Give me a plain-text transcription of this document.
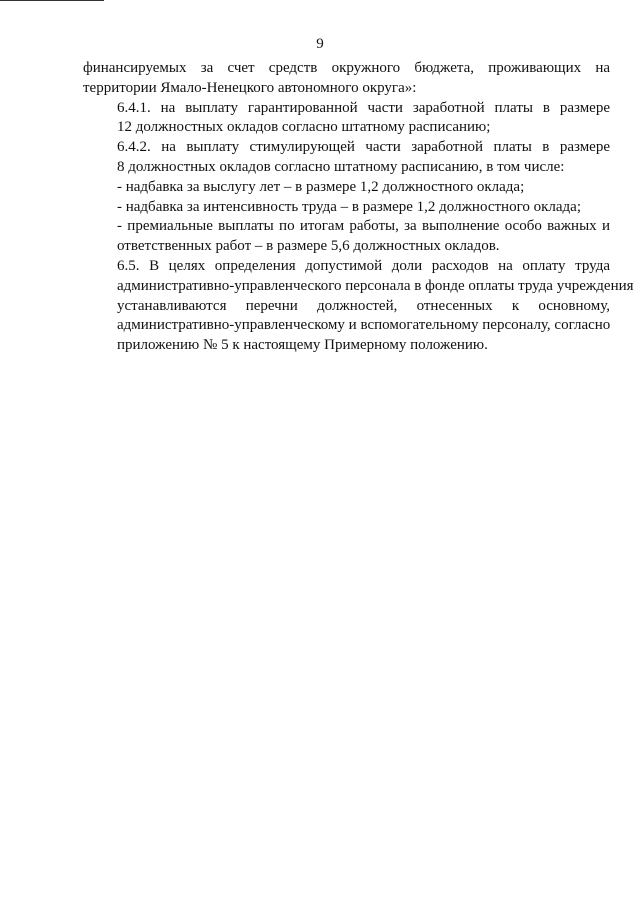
9

финансируемых за счет средств окружного бюджета, проживающих на
территории Ямало-Ненецкого автономного округа»:

6.4.1. на выплату гарантированной части заработной платы в размере
12 должностных окладов согласно штатному расписанию;

6.4.2. на выплату стимулирующей части заработной платы в размере
8 должностных окладов согласно штатному расписанию, в том числе:

- надбавка за выслугу лет – в размере 1,2 должностного оклада;

- надбавка за интенсивность труда – в размере 1,2 должностного оклада;

- премиальные выплаты по итогам работы, за выполнение особо важных и
ответственных работ – в размере 5,6 должностных окладов.

6.5. В целях определения допустимой доли расходов на оплату труда
административно-управленческого персонала в фонде оплаты труда учреждения
устанавливаются перечни должностей, отнесенных к основному,
административно-управленческому и вспомогательному персоналу, согласно
приложению № 5 к настоящему Примерному положению.
